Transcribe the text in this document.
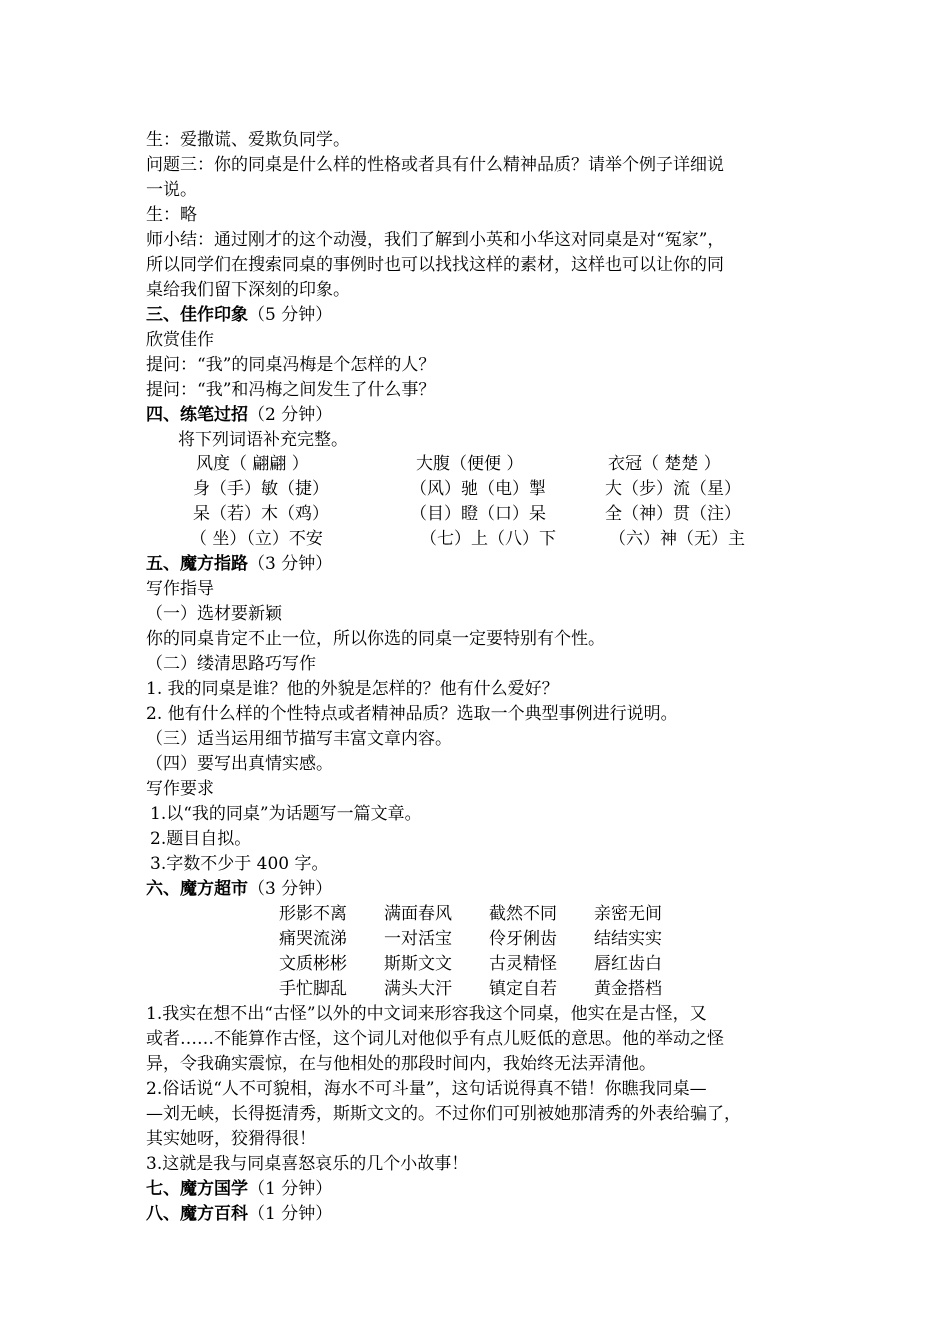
生：爱撒谎、爱欺负同学。
问题三：你的同桌是什么样的性格或者具有什么精神品质？请举个例子详细说
一说。
生：略
师小结：通过刚才的这个动漫，我们了解到小英和小华这对同桌是对“冤家”，
所以同学们在搜索同桌的事例时也可以找找这样的素材，这样也可以让你的同
桌给我们留下深刻的印象。
三、佳作印象（5 分钟）
欣赏佳作
提问：“我”的同桌冯梅是个怎样的人？
提问：“我”和冯梅之间发生了什么事？
四、练笔过招（2 分钟）
将下列词语补充完整。
风度（ 翩翩 ）	大腹（便便 ）	衣冠（ 楚楚 ）
身（手）敏（捷）	（风）驰（电）掣	大（步）流（星）
呆（若）木（鸡）	（目）瞪（口）呆	全（神）贯（注）
（ 坐）（立）不安	（七）上（八）下	（六）神（无）主
五、魔方指路（3 分钟）
写作指导
（一）选材要新颖
你的同桌肯定不止一位，所以你选的同桌一定要特别有个性。
（二）缕清思路巧写作
1. 我的同桌是谁？他的外貌是怎样的？他有什么爱好？
2. 他有什么样的个性特点或者精神品质？选取一个典型事例进行说明。
（三）适当运用细节描写丰富文章内容。
（四）要写出真情实感。
写作要求
1.以“我的同桌”为话题写一篇文章。
2.题目自拟。
3.字数不少于 400 字。
六、魔方超市（3 分钟）
形影不离 满面春风 截然不同 亲密无间
痛哭流涕 一对活宝 伶牙俐齿 结结实实
文质彬彬 斯斯文文 古灵精怪 唇红齿白
手忙脚乱 满头大汗 镇定自若 黄金搭档
1.我实在想不出“古怪”以外的中文词来形容我这个同桌，他实在是古怪，又
或者……不能算作古怪，这个词儿对他似乎有点儿贬低的意思。他的举动之怪
异，令我确实震惊，在与他相处的那段时间内，我始终无法弄清他。
2.俗话说“人不可貌相，海水不可斗量”，这句话说得真不错！你瞧我同桌—
—刘无峡，长得挺清秀，斯斯文文的。不过你们可别被她那清秀的外表给骗了，
其实她呀，狡猾得很！
3.这就是我与同桌喜怒哀乐的几个小故事！
七、魔方国学（1 分钟）
八、魔方百科（1 分钟）
